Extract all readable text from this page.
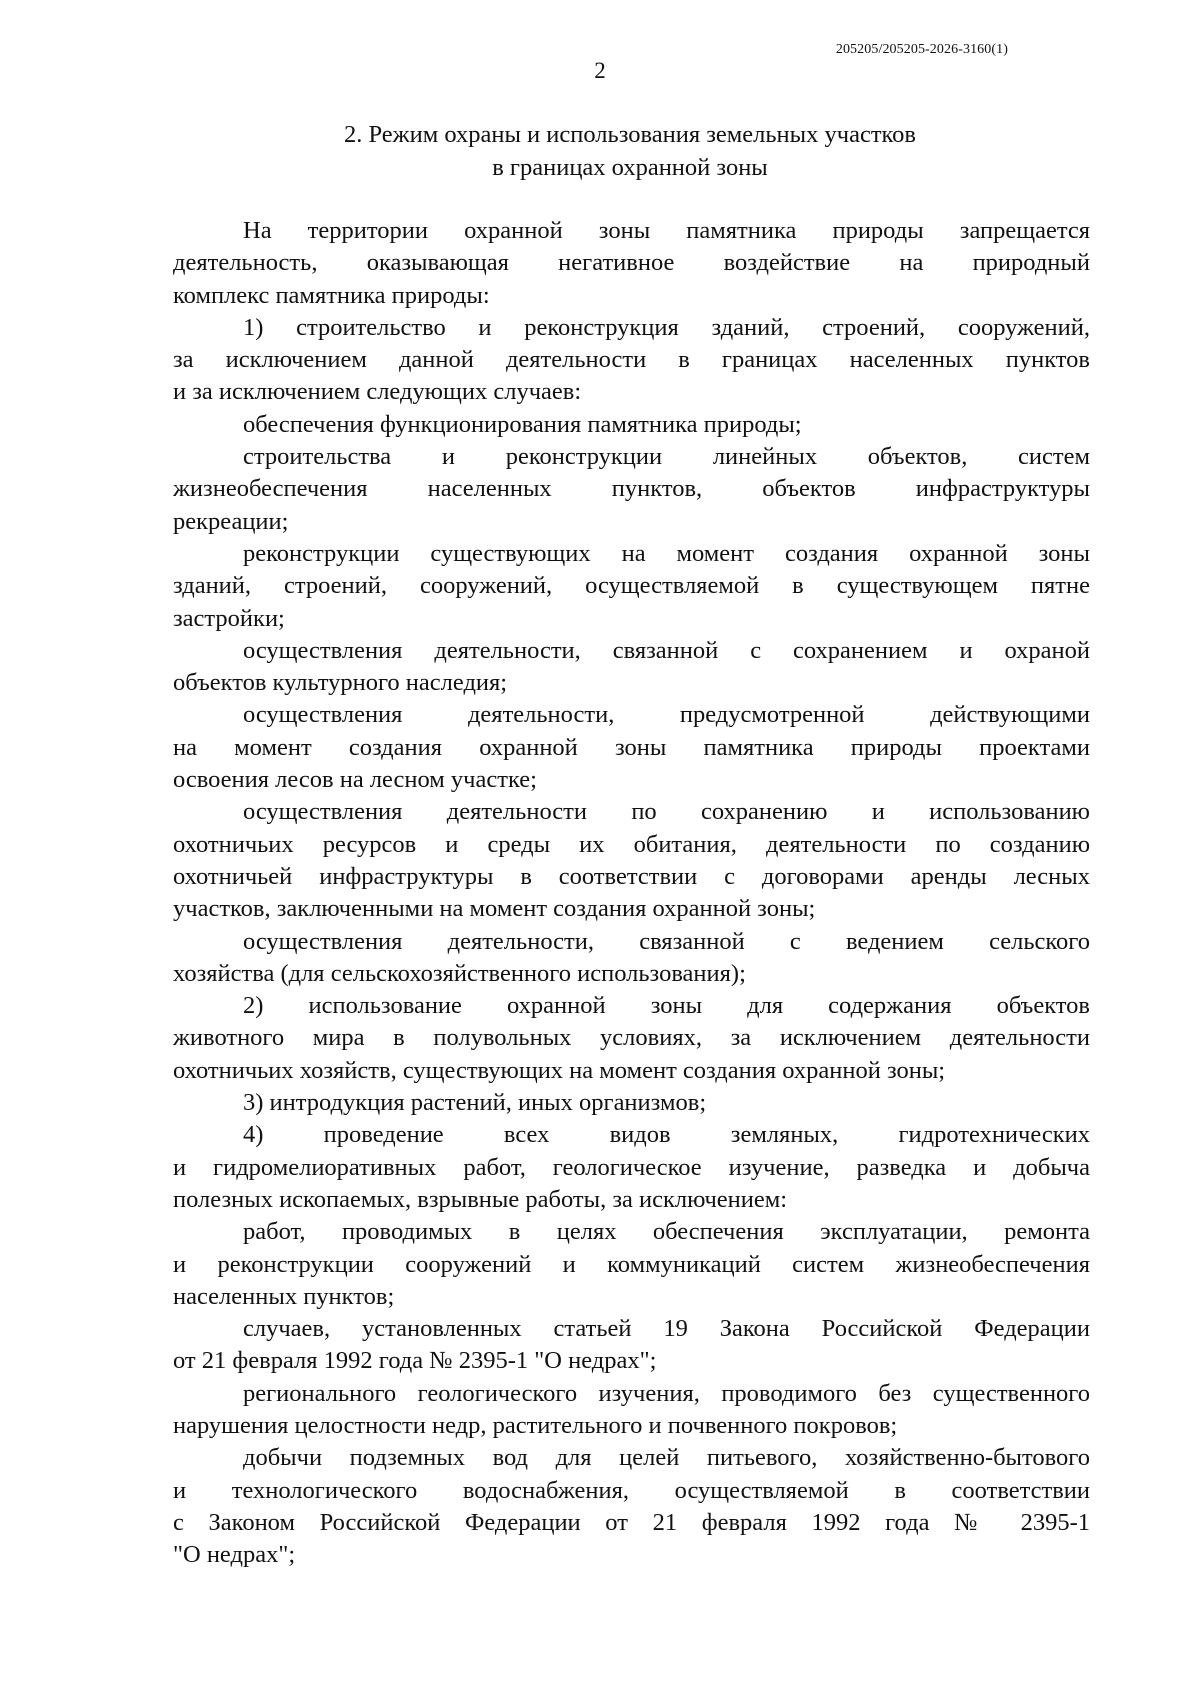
205205/205205-2026-3160(1)
2
2. Режим охраны и использования земельных участков
в границах охранной зоны
На территории охранной зоны памятника природы запрещается
деятельность, оказывающая негативное воздействие на природный
комплекс памятника природы:
1) строительство и реконструкция зданий, строений, сооружений,
за исключением данной деятельности в границах населенных пунктов
и за исключением следующих случаев:
обеспечения функционирования памятника природы;
строительства и реконструкции линейных объектов, систем
жизнеобеспечения населенных пунктов, объектов инфраструктуры
рекреации;
реконструкции существующих на момент создания охранной зоны
зданий, строений, сооружений, осуществляемой в существующем пятне
застройки;
осуществления деятельности, связанной с сохранением и охраной
объектов культурного наследия;
осуществления деятельности, предусмотренной действующими
на момент создания охранной зоны памятника природы проектами
освоения лесов на лесном участке;
осуществления деятельности по сохранению и использованию
охотничьих ресурсов и среды их обитания, деятельности по созданию
охотничьей инфраструктуры в соответствии с договорами аренды лесных
участков, заключенными на момент создания охранной зоны;
осуществления деятельности, связанной с ведением сельского
хозяйства (для сельскохозяйственного использования);
2) использование охранной зоны для содержания объектов
животного мира в полувольных условиях, за исключением деятельности
охотничьих хозяйств, существующих на момент создания охранной зоны;
3) интродукция растений, иных организмов;
4) проведение всех видов земляных, гидротехнических
и гидромелиоративных работ, геологическое изучение, разведка и добыча
полезных ископаемых, взрывные работы, за исключением:
работ, проводимых в целях обеспечения эксплуатации, ремонта
и реконструкции сооружений и коммуникаций систем жизнеобеспечения
населенных пунктов;
случаев, установленных статьей 19 Закона Российской Федерации
от 21 февраля 1992 года № 2395-1 "О недрах";
регионального геологического изучения, проводимого без существенного
нарушения целостности недр, растительного и почвенного покровов;
добычи подземных вод для целей питьевого, хозяйственно-бытового
и технологического водоснабжения, осуществляемой в соответствии
с Законом Российской Федерации от 21 февраля 1992 года № 2395-1
"О недрах";
